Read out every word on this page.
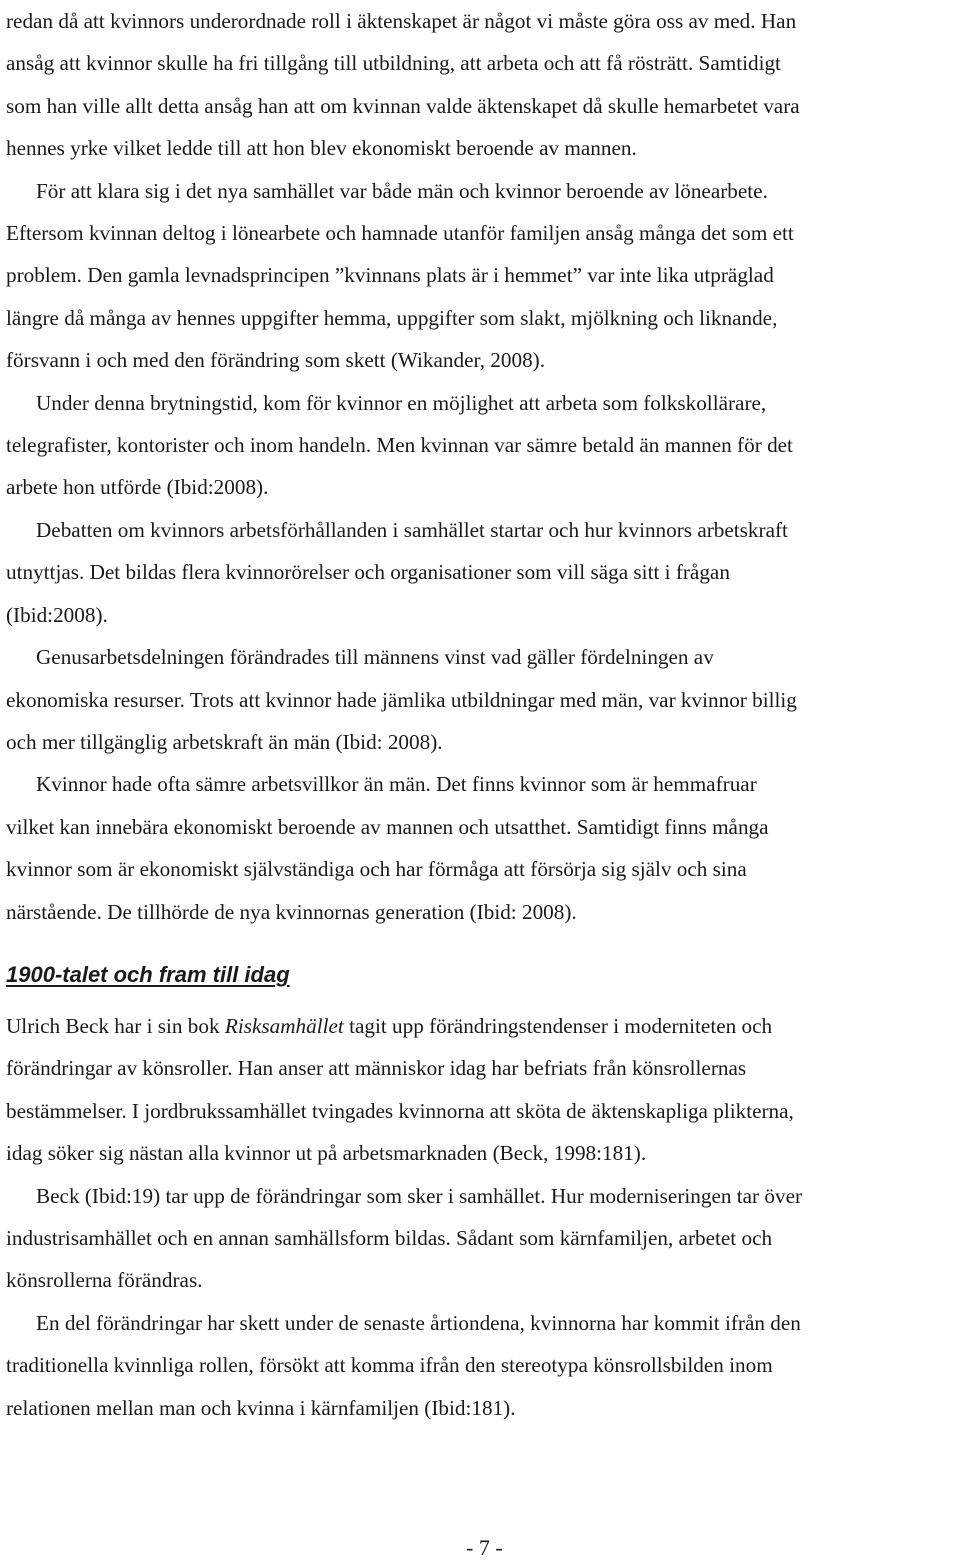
redan då att kvinnors underordnade roll i äktenskapet är något vi måste göra oss av med. Han
ansåg att kvinnor skulle ha fri tillgång till utbildning, att arbeta och att få rösträtt. Samtidigt
som han ville allt detta ansåg han att om kvinnan valde äktenskapet då skulle hemarbetet vara
hennes yrke vilket ledde till att hon blev ekonomiskt beroende av mannen.

För att klara sig i det nya samhället var både män och kvinnor beroende av lönearbete.
Eftersom kvinnan deltog i lönearbete och hamnade utanför familjen ansåg många det som ett
problem. Den gamla levnadsprincipen ”kvinnans plats är i hemmet” var inte lika utpräglad
längre då många av hennes uppgifter hemma, uppgifter som slakt, mjölkning och liknande,
försvann i och med den förändring som skett (Wikander, 2008).

Under denna brytningstid, kom för kvinnor en möjlighet att arbeta som folkskollärare,
telegrafister, kontorister och inom handeln. Men kvinnan var sämre betald än mannen för det
arbete hon utförde (Ibid:2008).

Debatten om kvinnors arbetsförhållanden i samhället startar och hur kvinnors arbetskraft
utnyttjas. Det bildas flera kvinnorörelser och organisationer som vill säga sitt i frågan
(Ibid:2008).

Genusarbetsdelningen förändrades till männens vinst vad gäller fördelningen av
ekonomiska resurser. Trots att kvinnor hade jämlika utbildningar med män, var kvinnor billig
och mer tillgänglig arbetskraft än män (Ibid: 2008).

Kvinnor hade ofta sämre arbetsvillkor än män. Det finns kvinnor som är hemmafruar
vilket kan innebära ekonomiskt beroende av mannen och utsatthet. Samtidigt finns många
kvinnor som är ekonomiskt självständiga och har förmåga att försörja sig själv och sina
närstående. De tillhörde de nya kvinnornas generation (Ibid: 2008).

1900-talet och fram till idag

Ulrich Beck har i sin bok Risksamhället tagit upp förändringstendenser i moderniteten och
förändringar av könsroller. Han anser att människor idag har befriats från könsrollernas
bestämmelser. I jordbrukssamhället tvingades kvinnorna att sköta de äktenskapliga plikterna,
idag söker sig nästan alla kvinnor ut på arbetsmarknaden (Beck, 1998:181).

Beck (Ibid:19) tar upp de förändringar som sker i samhället. Hur moderniseringen tar över
industrisamhället och en annan samhällsform bildas. Sådant som kärnfamiljen, arbetet och
könsrollerna förändras.

En del förändringar har skett under de senaste årtiondena, kvinnorna har kommit ifrån den
traditionella kvinnliga rollen, försökt att komma ifrån den stereotypa könsrollsbilden inom
relationen mellan man och kvinna i kärnfamiljen (Ibid:181).

- 7 -
